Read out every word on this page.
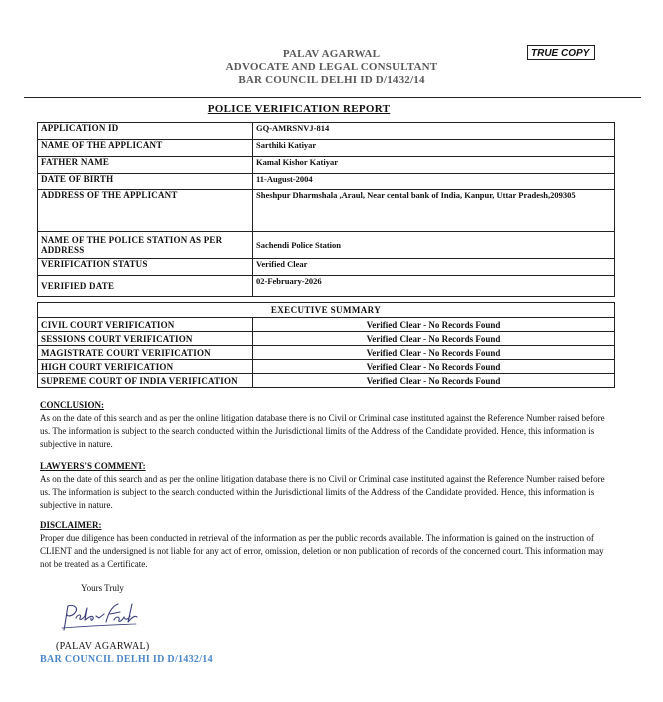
PALAV AGARWAL
ADVOCATE AND LEGAL CONSULTANT
BAR COUNCIL DELHI ID D/1432/14
TRUE COPY
POLICE VERIFICATION REPORT
APPLICATION ID	GQ-AMRSNVJ-814
NAME OF THE APPLICANT	Sarthiki Katiyar
FATHER NAME	Kamal Kishor Katiyar
DATE OF BIRTH	11-August-2004
ADDRESS OF THE APPLICANT	Sheshpur Dharmshala ,Araul, Near cental bank of India, Kanpur, Uttar Pradesh,209305
NAME OF THE POLICE STATION AS PER ADDRESS	Sachendi Police Station
VERIFICATION STATUS	Verified Clear
VERIFIED DATE	02-February-2026
EXECUTIVE SUMMARY	
CIVIL COURT VERIFICATION	Verified Clear - No Records Found
SESSIONS COURT VERIFICATION	Verified Clear - No Records Found
MAGISTRATE COURT VERIFICATION	Verified Clear - No Records Found
HIGH COURT VERIFICATION	Verified Clear - No Records Found
SUPREME COURT OF INDIA VERIFICATION	Verified Clear - No Records Found
CONCLUSION:
As on the date of this search and as per the online litigation database there is no Civil or Criminal case instituted against the Reference Number raised before us. The information is subject to the search conducted within the Jurisdictional limits of the Address of the Candidate provided. Hence, this information is subjective in nature.
LAWYERS'S COMMENT:
As on the date of this search and as per the online litigation database there is no Civil or Criminal case instituted against the Reference Number raised before us. The information is subject to the search conducted within the Jurisdictional limits of the Address of the Candidate provided. Hence, this information is subjective in nature.
DISCLAIMER:
Proper due diligence has been conducted in retrieval of the information as per the public records available. The information is gained on the instruction of CLIENT and the undersigned is not liable for any act of error, omission, deletion or non publication of records of the concerned court. This information may not be treated as a Certificate.
Yours Truly
(PALAV AGARWAL)
BAR COUNCIL DELHI ID D/1432/14
